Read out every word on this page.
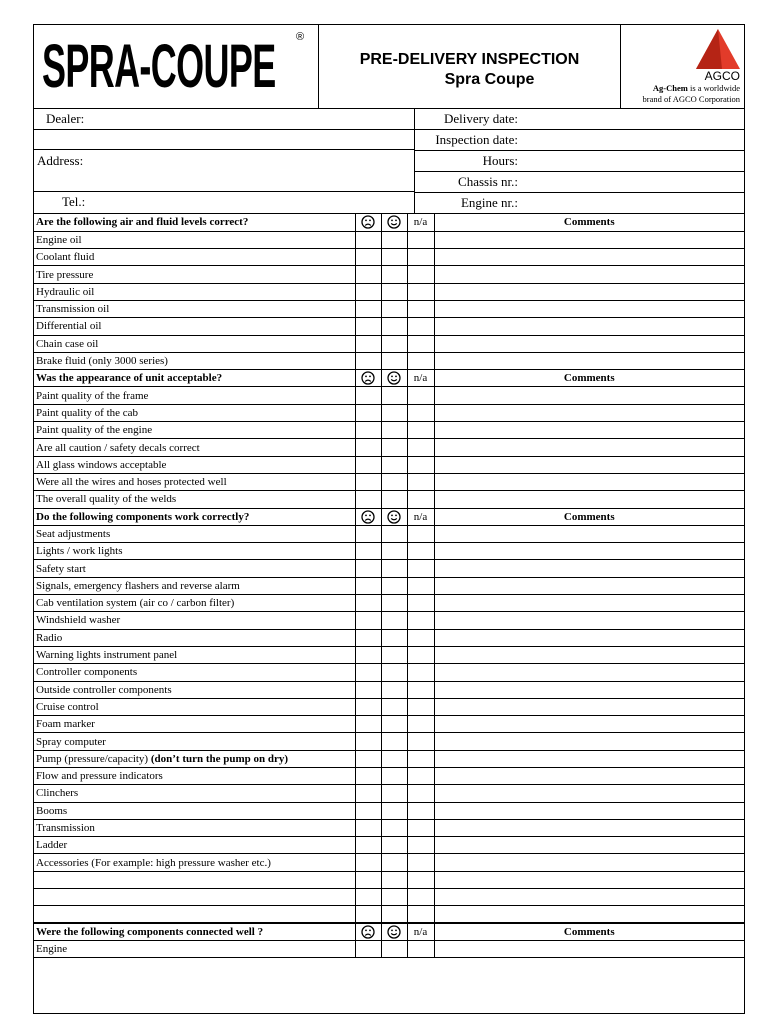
SPRA-COUPE ®
PRE-DELIVERY INSPECTION
Spra Coupe	AGCO
Ag-Chem is a worldwide
brand of AGCO Corporation
Dealer:
Address:
Tel.:
Delivery date:
Inspection date:
Hours:
Chassis nr.:
Engine nr.:
Are the following air and fluid levels correct?			n/a	Comments
Engine oil				
Coolant fluid				
Tire pressure				
Hydraulic oil				
Transmission oil				
Differential oil				
Chain case oil				
Brake fluid (only 3000 series)				
Was the appearance of unit acceptable?			n/a	Comments
Paint quality of the frame				
Paint quality of the cab				
Paint quality of the engine				
Are all caution / safety decals correct				
All glass windows acceptable				
Were all the wires and hoses protected well				
The overall quality of the welds				
Do the following components work correctly?			n/a	Comments
Seat adjustments				
Lights / work lights				
Safety start				
Signals, emergency flashers and reverse alarm				
Cab ventilation system (air co / carbon filter)				
Windshield washer				
Radio				
Warning lights instrument panel				
Controller components				
Outside controller components				
Cruise control				
Foam marker				
Spray computer				
Pump (pressure/capacity) (don’t turn the pump on dry)				
Flow and pressure indicators				
Clinchers				
Booms				
Transmission				
Ladder				
Accessories (For example: high pressure washer etc.)				

Were the following components connected well ?			n/a	Comments
Engine				
